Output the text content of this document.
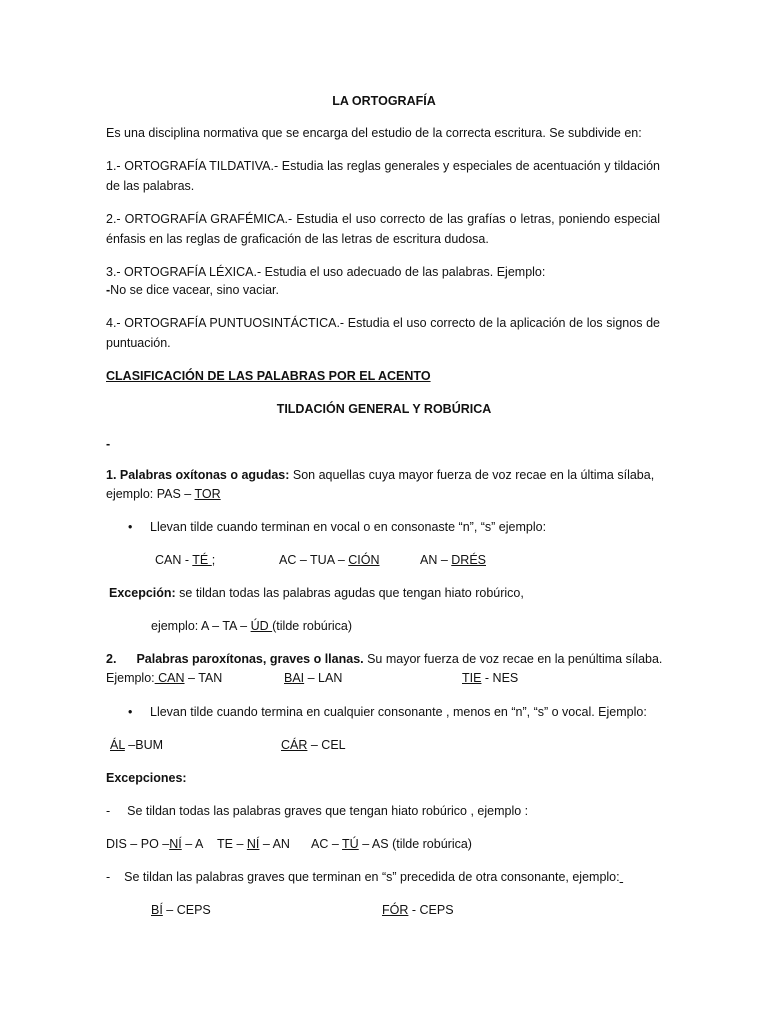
LA ORTOGRAFÍA
Es una disciplina normativa que se encarga del estudio de la correcta escritura. Se subdivide en:
1.- ORTOGRAFÍA TILDATIVA.- Estudia las reglas generales y especiales de acentuación y tildación de las palabras.
2.- ORTOGRAFÍA GRAFÉMICA.- Estudia el uso correcto de las grafías o letras, poniendo especial énfasis en las reglas de graficación de las letras de escritura dudosa.
3.- ORTOGRAFÍA LÉXICA.- Estudia el uso adecuado de las palabras. Ejemplo:
-No se dice vacear, sino vaciar.
4.- ORTOGRAFÍA PUNTUOSINTÁCTICA.- Estudia el uso correcto de la aplicación de los signos de puntuación.
CLASIFICACIÓN DE LAS PALABRAS POR EL ACENTO
TILDACIÓN GENERAL Y ROBÚRICA
-
1. Palabras oxítonas o agudas: Son aquellas cuya mayor fuerza de voz recae en la última sílaba,
ejemplo: PAS – TOR
• Llevan tilde cuando terminan en vocal o en consonaste “n”, “s” ejemplo:
CAN - TÉ ;	AC – TUA – CIÓN	AN – DRÉS
Excepción: se tildan todas las palabras agudas que tengan hiato robúrico,
ejemplo: A – TA – ÚD (tilde robúrica)
2. Palabras paroxítonas, graves o llanas. Su mayor fuerza de voz recae en la penúltima sílaba.
Ejemplo: CAN – TAN	BAI – LAN	TIE - NES
• Llevan tilde cuando termina en cualquier consonante , menos en “n”, “s” o vocal. Ejemplo:
ÁL –BUM	CÁR – CEL
Excepciones:
- Se tildan todas las palabras graves que tengan hiato robúrico , ejemplo :
DIS – PO –NÍ – A TE – NÍ – AN AC – TÚ – AS (tilde robúrica)
- Se tildan las palabras graves que terminan en “s” precedida de otra consonante, ejemplo:
BÍ – CEPS	FÓR - CEPS
